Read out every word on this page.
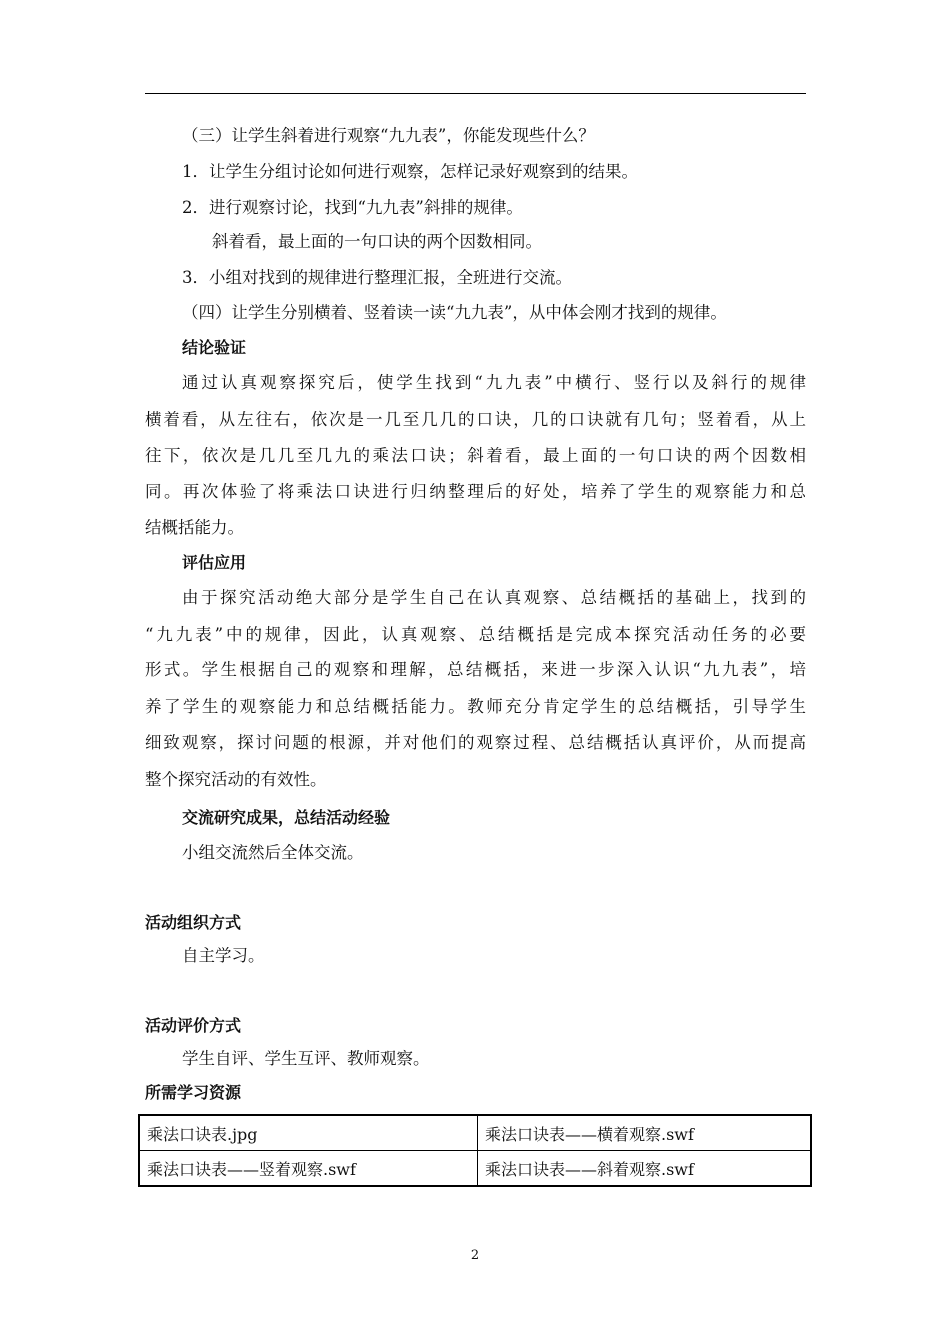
（三）让学生斜着进行观察“九九表”，你能发现些什么？
1．让学生分组讨论如何进行观察，怎样记录好观察到的结果。
2．进行观察讨论，找到“九九表”斜排的规律。
斜着看，最上面的一句口诀的两个因数相同。
3．小组对找到的规律进行整理汇报，全班进行交流。
（四）让学生分别横着、竖着读一读“九九表”，从中体会刚才找到的规律。
结论验证
通过认真观察探究后，使学生找到“九九表”中横行、竖行以及斜行的规律
横着看，从左往右，依次是一几至几几的口诀，几的口诀就有几句；竖着看，从上
往下，依次是几几至几九的乘法口诀；斜着看，最上面的一句口诀的两个因数相
同。再次体验了将乘法口诀进行归纳整理后的好处，培养了学生的观察能力和总
结概括能力。
评估应用
由于探究活动绝大部分是学生自己在认真观察、总结概括的基础上，找到的
“九九表”中的规律，因此，认真观察、总结概括是完成本探究活动任务的必要
形式。学生根据自己的观察和理解，总结概括，来进一步深入认识“九九表”，培
养了学生的观察能力和总结概括能力。教师充分肯定学生的总结概括，引导学生
细致观察，探讨问题的根源，并对他们的观察过程、总结概括认真评价，从而提高
整个探究活动的有效性。
交流研究成果，总结活动经验
小组交流然后全体交流。
活动组织方式
自主学习。
活动评价方式
学生自评、学生互评、教师观察。
所需学习资源
乘法口诀表.jpg	乘法口诀表——横着观察.swf
乘法口诀表——竖着观察.swf	乘法口诀表——斜着观察.swf
2
